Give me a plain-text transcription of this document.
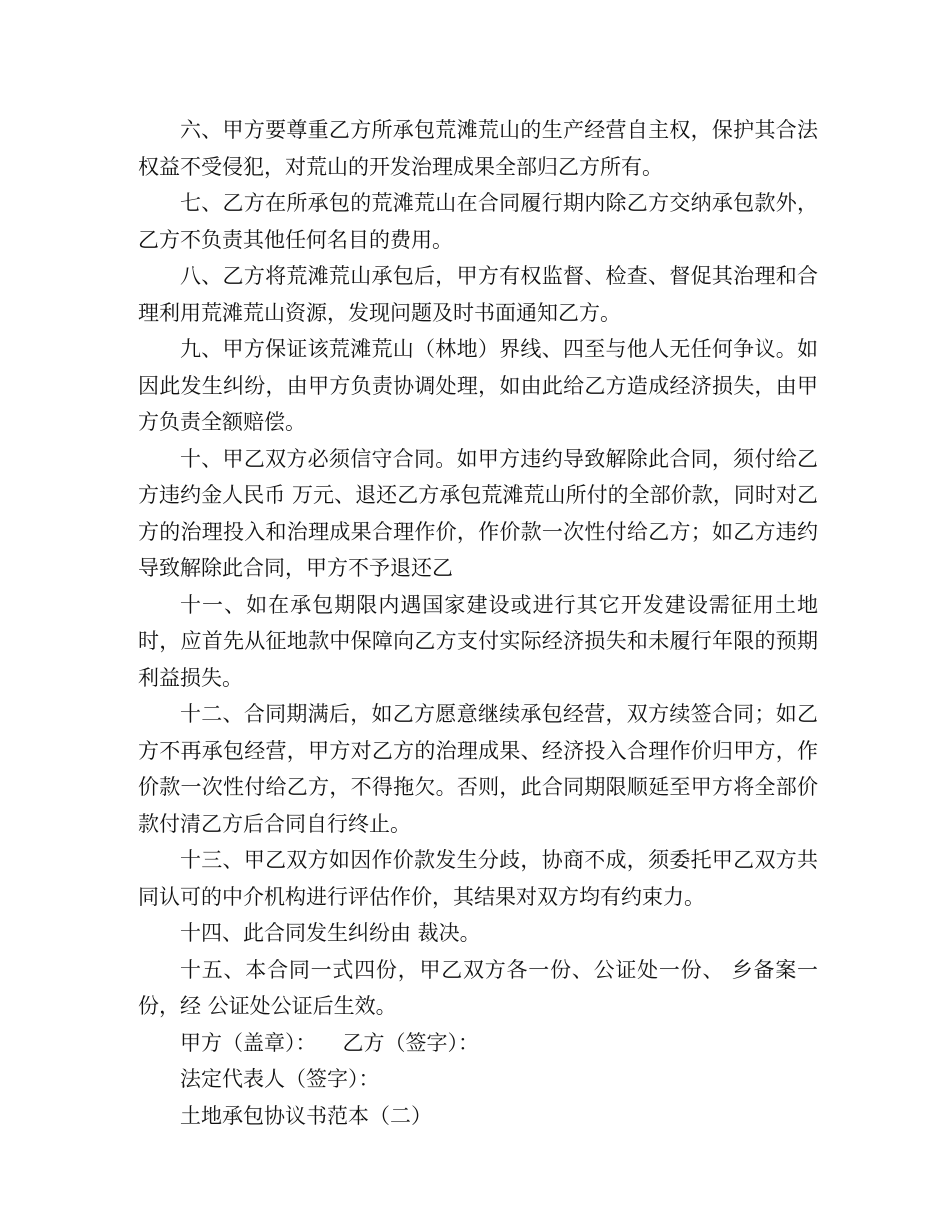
六、甲方要尊重乙方所承包荒滩荒山的生产经营自主权，保护其合法权益不受侵犯，对荒山的开发治理成果全部归乙方所有。

七、乙方在所承包的荒滩荒山在合同履行期内除乙方交纳承包款外，乙方不负责其他任何名目的费用。

八、乙方将荒滩荒山承包后，甲方有权监督、检查、督促其治理和合理利用荒滩荒山资源，发现问题及时书面通知乙方。

九、甲方保证该荒滩荒山（林地）界线、四至与他人无任何争议。如因此发生纠纷，由甲方负责协调处理，如由此给乙方造成经济损失，由甲方负责全额赔偿。

十、甲乙双方必须信守合同。如甲方违约导致解除此合同，须付给乙方违约金人民币 万元、退还乙方承包荒滩荒山所付的全部价款，同时对乙方的治理投入和治理成果合理作价，作价款一次性付给乙方；如乙方违约导致解除此合同，甲方不予退还乙

十一、如在承包期限内遇国家建设或进行其它开发建设需征用土地时，应首先从征地款中保障向乙方支付实际经济损失和未履行年限的预期利益损失。

十二、合同期满后，如乙方愿意继续承包经营，双方续签合同；如乙方不再承包经营，甲方对乙方的治理成果、经济投入合理作价归甲方，作价款一次性付给乙方，不得拖欠。否则，此合同期限顺延至甲方将全部价款付清乙方后合同自行终止。

十三、甲乙双方如因作价款发生分歧，协商不成，须委托甲乙双方共同认可的中介机构进行评估作价，其结果对双方均有约束力。

十四、此合同发生纠纷由 裁决。

十五、本合同一式四份，甲乙双方各一份、公证处一份、 乡备案一份，经 公证处公证后生效。

甲方（盖章）： 乙方（签字）：

法定代表人（签字）：

土地承包协议书范本（二）
